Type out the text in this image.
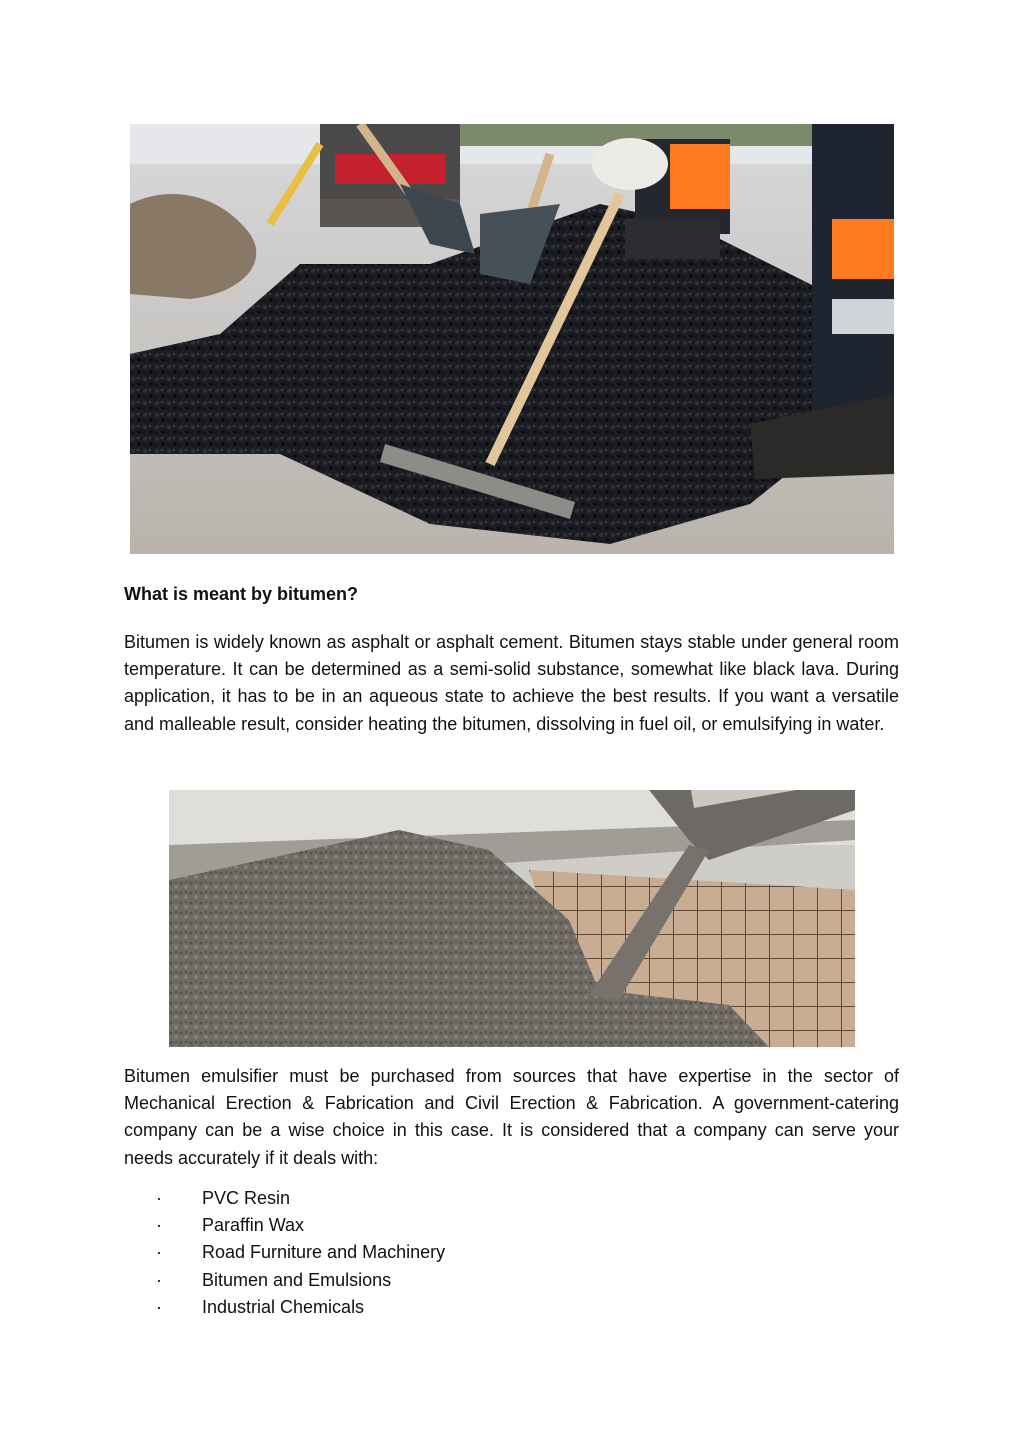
What is meant by bitumen?

Bitumen is widely known as asphalt or asphalt cement. Bitumen stays stable under general room temperature. It can be determined as a semi-solid substance, somewhat like black lava. During application, it has to be in an aqueous state to achieve the best results. If you want a versatile and malleable result, consider heating the bitumen, dissolving in fuel oil, or emulsifying in water.

Bitumen emulsifier must be purchased from sources that have expertise in the sector of Mechanical Erection & Fabrication and Civil Erection & Fabrication. A government-catering company can be a wise choice in this case. It is considered that a company can serve your needs accurately if it deals with:

· PVC Resin
· Paraffin Wax
· Road Furniture and Machinery
· Bitumen and Emulsions
· Industrial Chemicals
